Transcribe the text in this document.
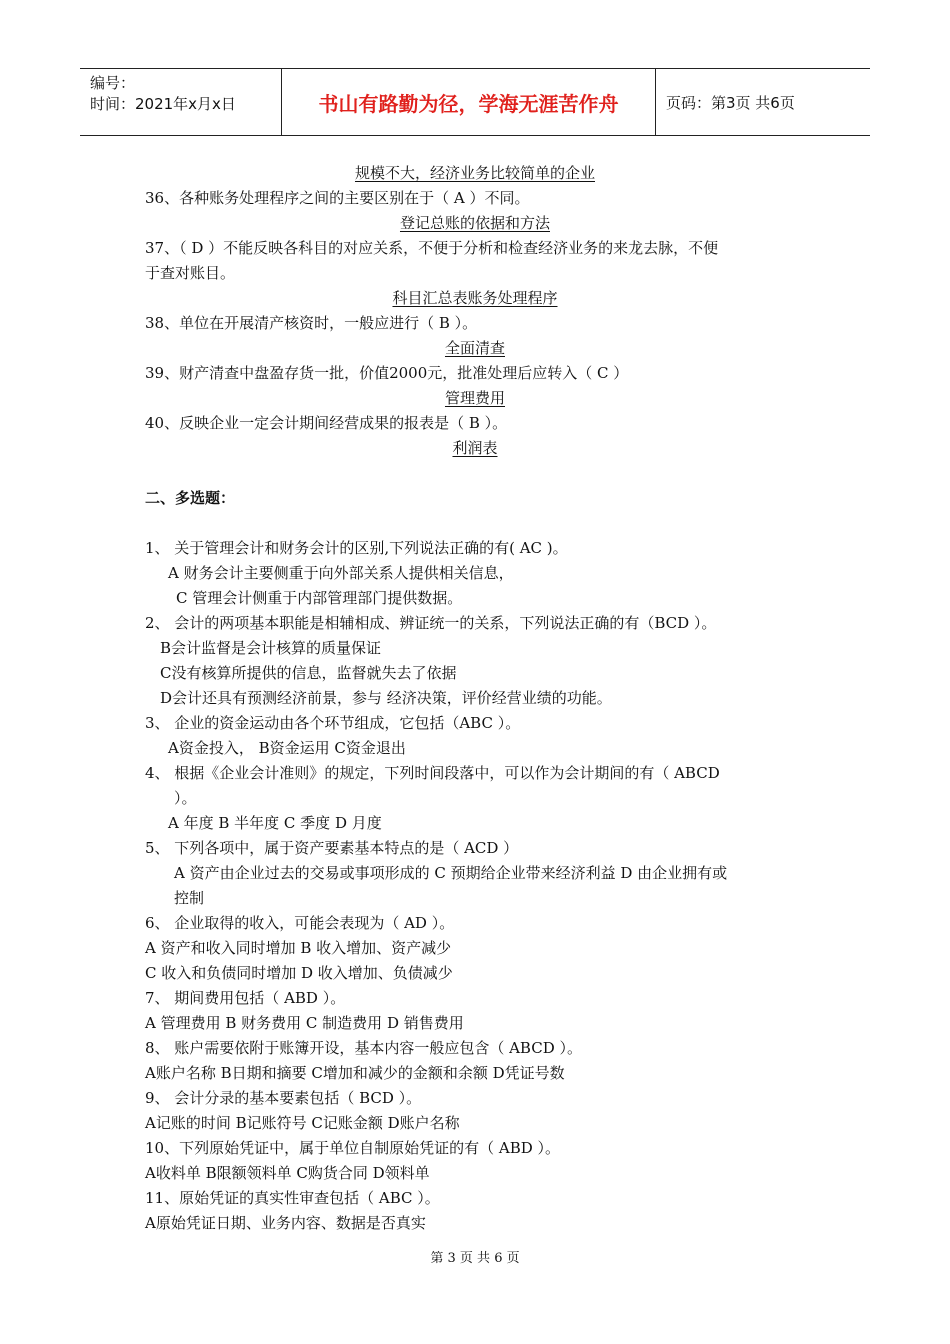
编号：
时间：2021年x月x日	书山有路勤为径，学海无涯苦作舟	页码：第3页 共6页
规模不大，经济业务比较简单的企业
36、各种账务处理程序之间的主要区别在于（ A ）不同。
登记总账的依据和方法
37、（ D ）不能反映各科目的对应关系，不便于分析和检查经济业务的来龙去脉，不便
于查对账目。
科目汇总表账务处理程序
38、单位在开展清产核资时，一般应进行（ B ）。
全面清查
39、财产清查中盘盈存货一批，价值2000元，批准处理后应转入（ C ）
管理费用
40、反映企业一定会计期间经营成果的报表是（ B ）。
利润表
二、多选题：
1、 关于管理会计和财务会计的区别,下列说法正确的有( AC )。
A 财务会计主要侧重于向外部关系人提供相关信息，
C 管理会计侧重于内部管理部门提供数据。
2、 会计的两项基本职能是相辅相成、辨证统一的关系，下列说法正确的有（BCD ）。
B会计监督是会计核算的质量保证
C没有核算所提供的信息，监督就失去了依据
D会计还具有预测经济前景，参与 经济决策，评价经营业绩的功能。
3、 企业的资金运动由各个环节组成，它包括（ABC ）。
A资金投入， B资金运用 C资金退出
4、 根据《企业会计准则》的规定，下列时间段落中，可以作为会计期间的有（ ABCD
）。
A 年度 B 半年度 C 季度 D 月度
5、 下列各项中，属于资产要素基本特点的是（ ACD ）
A 资产由企业过去的交易或事项形成的 C 预期给企业带来经济利益 D 由企业拥有或
控制
6、 企业取得的收入，可能会表现为（ AD ）。
A 资产和收入同时增加 B 收入增加、资产减少
C 收入和负债同时增加 D 收入增加、负债减少
7、 期间费用包括（ ABD ）。
A 管理费用 B 财务费用 C 制造费用 D 销售费用
8、 账户需要依附于账簿开设，基本内容一般应包含（ ABCD ）。
A账户名称 B日期和摘要 C增加和减少的金额和余额 D凭证号数
9、 会计分录的基本要素包括（ BCD ）。
A记账的时间 B记账符号 C记账金额 D账户名称
10、下列原始凭证中，属于单位自制原始凭证的有（ ABD ）。
A收料单 B限额领料单 C购货合同 D领料单
11、原始凭证的真实性审查包括（ ABC ）。
A原始凭证日期、业务内容、数据是否真实
第 3 页 共 6 页
